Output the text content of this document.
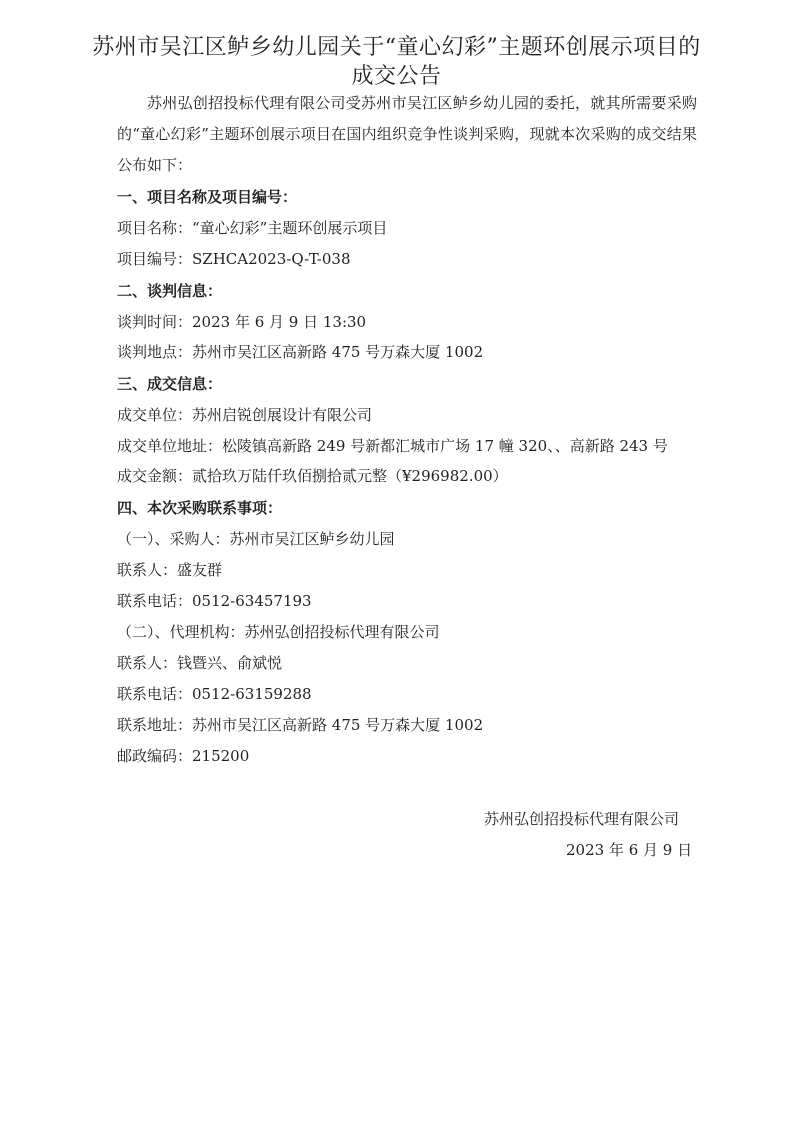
苏州市吴江区鲈乡幼儿园关于“童心幻彩”主题环创展示项目的
成交公告
苏州弘创招投标代理有限公司受苏州市吴江区鲈乡幼儿园的委托，就其所需要采购的“童心幻彩”主题环创展示项目在国内组织竞争性谈判采购，现就本次采购的成交结果公布如下：
一、项目名称及项目编号：
项目名称：“童心幻彩”主题环创展示项目
项目编号：SZHCA2023-Q-T-038
二、谈判信息：
谈判时间：2023 年 6 月 9 日 13:30
谈判地点：苏州市吴江区高新路 475 号万森大厦 1002
三、成交信息：
成交单位：苏州启锐创展设计有限公司
成交单位地址：松陵镇高新路 249 号新都汇城市广场 17 幢 320、、高新路 243 号
成交金额：贰拾玖万陆仟玖佰捌拾贰元整（¥296982.00）
四、本次采购联系事项：
（一）、采购人：苏州市吴江区鲈乡幼儿园
联系人：盛友群
联系电话：0512-63457193
（二）、代理机构：苏州弘创招投标代理有限公司
联系人：钱暨兴、俞斌悦
联系电话：0512-63159288
联系地址：苏州市吴江区高新路 475 号万森大厦 1002
邮政编码：215200
苏州弘创招投标代理有限公司
2023 年 6 月 9 日
